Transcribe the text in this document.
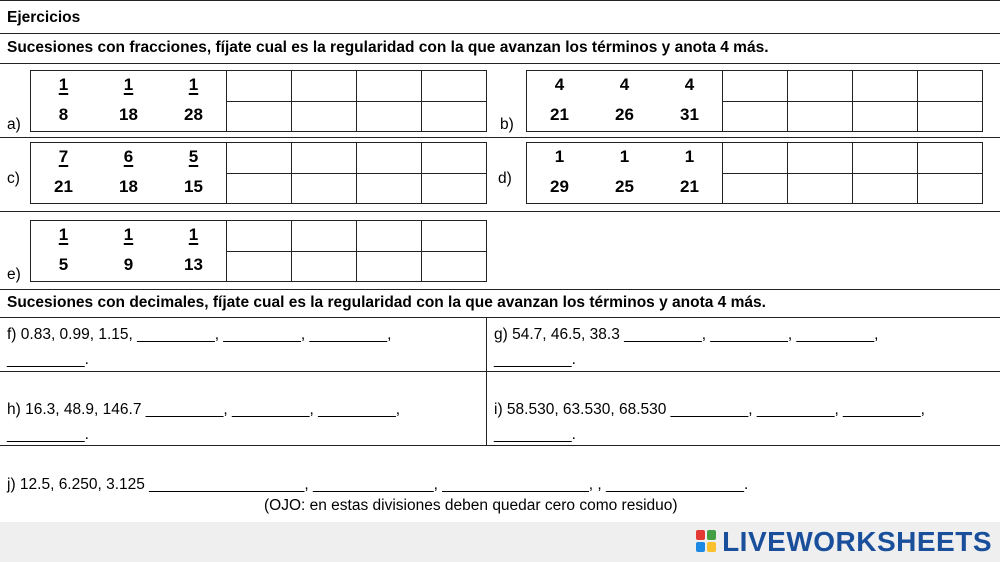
Ejercicios
Sucesiones con fracciones, fíjate cual es la regularidad con la que avanzan los términos y anota 4 más.
Sucesiones con decimales, fíjate cual es la regularidad con la que avanzan los términos y anota 4 más.
a)
1
8
1
18
1
28
b)
4
21
4
26
4
31
c)
7
21
6
18
5
15	d)
1
29
1
25
1
21
e)
1
5
1
9
1
13
f) 0.83, 0.99, 1.15, _________, _________, _________,
_________.
g) 54.7, 46.5, 38.3 _________, _________, _________,
_________.
h) 16.3, 48.9, 146.7 _________, _________, _________,
_________.
i) 58.530, 63.530, 68.530 _________, _________, _________,
_________.
j) 12.5, 6.250, 3.125 __________________, ______________, _________________, , ________________.
(OJO: en estas divisiones deben quedar cero como residuo)
LIVEWORKSHEETS
